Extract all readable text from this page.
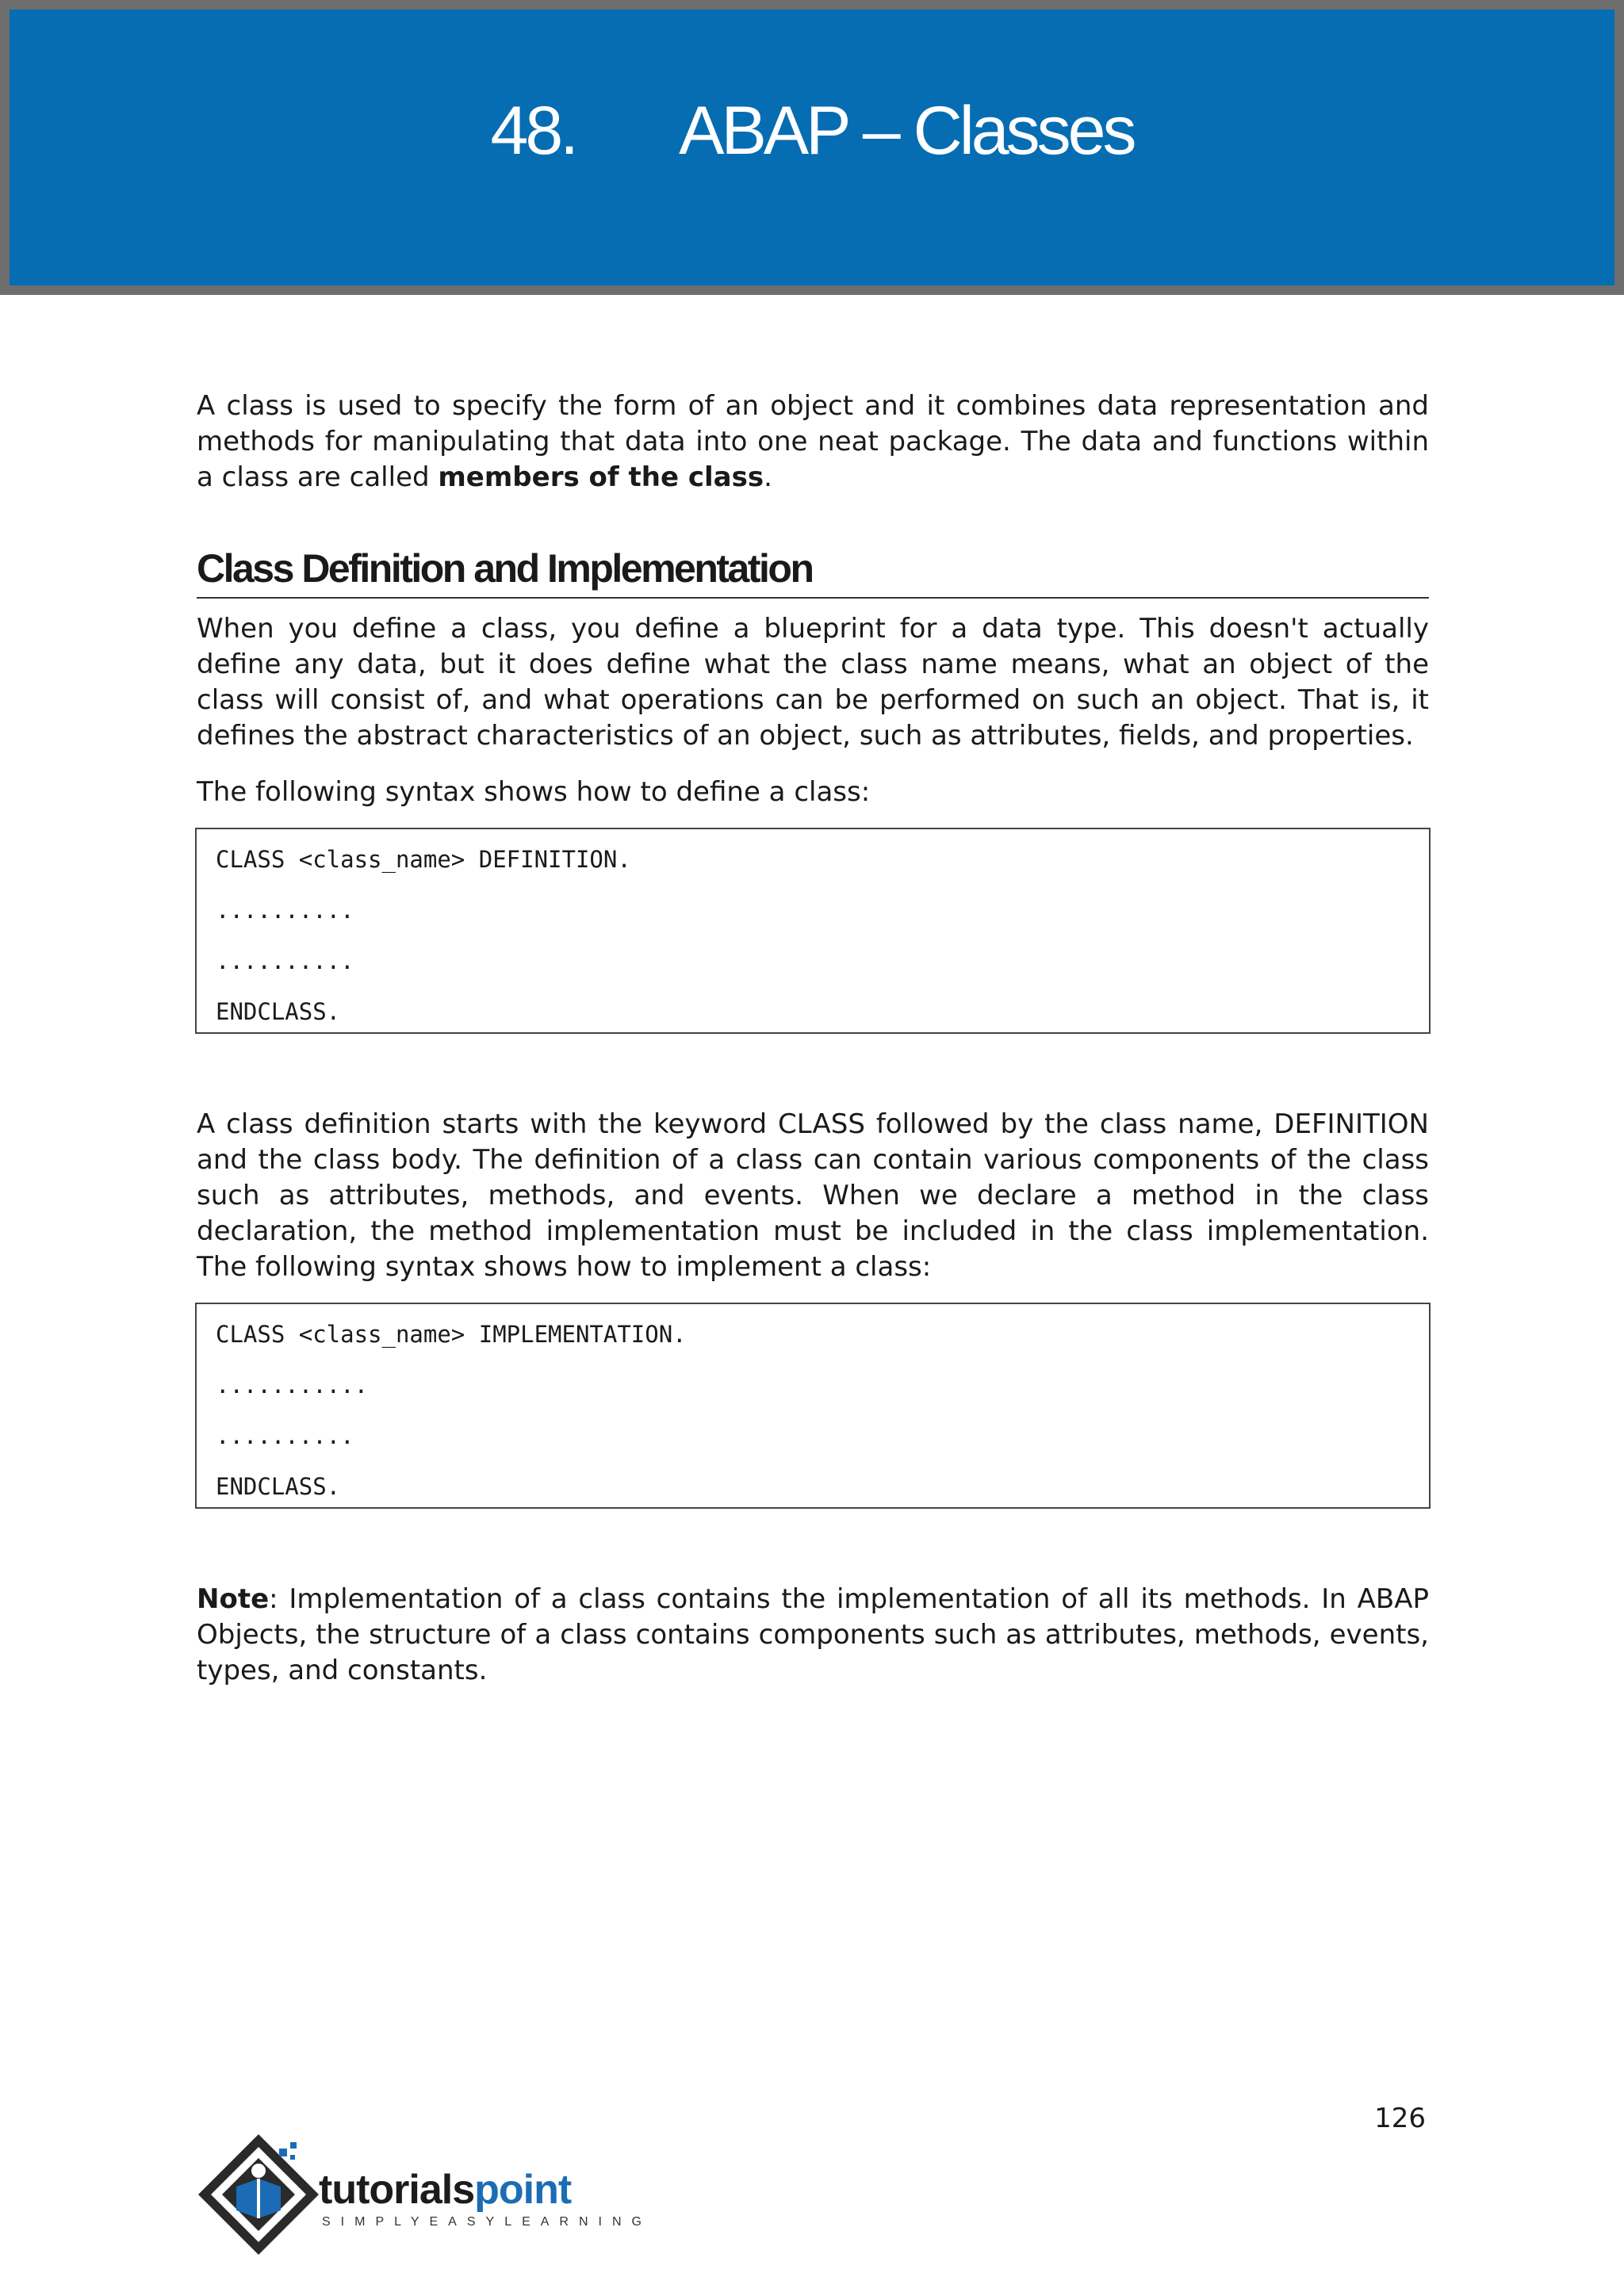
48. ABAP – Classes

A class is used to specify the form of an object and it combines data representation and methods for manipulating that data into one neat package. The data and functions within a class are called members of the class.

Class Definition and Implementation

When you define a class, you define a blueprint for a data type. This doesn't actually define any data, but it does define what the class name means, what an object of the class will consist of, and what operations can be performed on such an object. That is, it defines the abstract characteristics of an object, such as attributes, fields, and properties.

The following syntax shows how to define a class:

CLASS <class_name> DEFINITION.
..........
..........
ENDCLASS.

A class definition starts with the keyword CLASS followed by the class name, DEFINITION and the class body. The definition of a class can contain various components of the class such as attributes, methods, and events. When we declare a method in the class declaration, the method implementation must be included in the class implementation. The following syntax shows how to implement a class:

CLASS <class_name> IMPLEMENTATION.
...........
..........
ENDCLASS.

Note: Implementation of a class contains the implementation of all its methods. In ABAP Objects, the structure of a class contains components such as attributes, methods, events, types, and constants.

126
tutorialspoint
SIMPLYEASYLEARNING
